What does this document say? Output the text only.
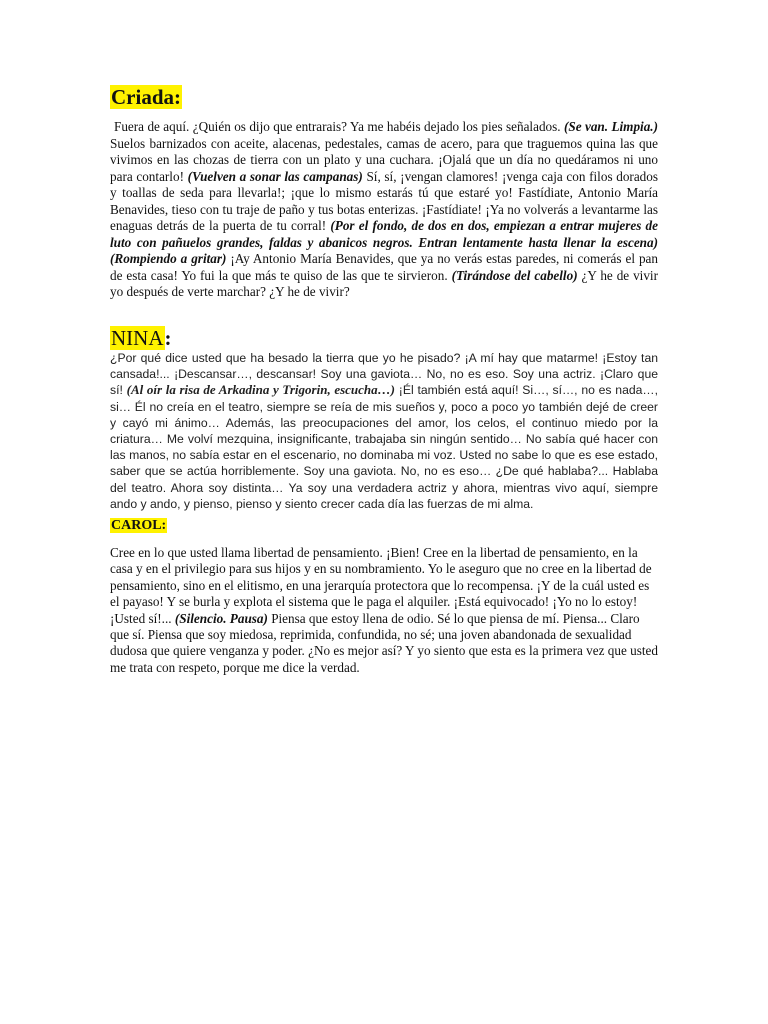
Criada:

Fuera de aquí. ¿Quién os dijo que entrarais? Ya me habéis dejado los pies señalados. (Se van. Limpia.) Suelos barnizados con aceite, alacenas, pedestales, camas de acero, para que traguemos quina las que vivimos en las chozas de tierra con un plato y una cuchara. ¡Ojalá que un día no quedáramos ni uno para contarlo! (Vuelven a sonar las campanas) Sí, sí, ¡vengan clamores! ¡venga caja con filos dorados y toallas de seda para llevarla!; ¡que lo mismo estarás tú que estaré yo! Fastídiate, Antonio María Benavides, tieso con tu traje de paño y tus botas enterizas. ¡Fastídiate! ¡Ya no volverás a levantarme las enaguas detrás de la puerta de tu corral! (Por el fondo, de dos en dos, empiezan a entrar mujeres de luto con pañuelos grandes, faldas y abanicos negros. Entran lentamente hasta llenar la escena) (Rompiendo a gritar) ¡Ay Antonio María Benavides, que ya no verás estas paredes, ni comerás el pan de esta casa! Yo fui la que más te quiso de las que te sirvieron. (Tirándose del cabello) ¿Y he de vivir yo después de verte marchar? ¿Y he de vivir?

NINA:

¿Por qué dice usted que ha besado la tierra que yo he pisado? ¡A mí hay que matarme! ¡Estoy tan cansada!... ¡Descansar…, descansar! Soy una gaviota… No, no es eso. Soy una actriz. ¡Claro que sí! (Al oír la risa de Arkadina y Trigorin, escucha…) ¡Él también está aquí! Si…, sí…, no es nada…, si… Él no creía en el teatro, siempre se reía de mis sueños y, poco a poco yo también dejé de creer y cayó mi ánimo… Además, las preocupaciones del amor, los celos, el continuo miedo por la criatura… Me volví mezquina, insignificante, trabajaba sin ningún sentido… No sabía qué hacer con las manos, no sabía estar en el escenario, no dominaba mi voz. Usted no sabe lo que es ese estado, saber que se actúa horriblemente. Soy una gaviota. No, no es eso… ¿De qué hablaba?... Hablaba del teatro. Ahora soy distinta… Ya soy una verdadera actriz y ahora, mientras vivo aquí, siempre ando y ando, y pienso, pienso y siento crecer cada día las fuerzas de mi alma.

CAROL:

Cree en lo que usted llama libertad de pensamiento. ¡Bien! Cree en la libertad de pensamiento, en la casa y en el privilegio para sus hijos y en su nombramiento. Yo le aseguro que no cree en la libertad de pensamiento, sino en el elitismo, en una jerarquía protectora que lo recompensa. ¡Y de la cuál usted es el payaso! Y se burla y explota el sistema que le paga el alquiler. ¡Está equivocado! ¡Yo no lo estoy! ¡Usted sí!... (Silencio. Pausa) Piensa que estoy llena de odio. Sé lo que piensa de mí. Piensa... Claro que sí. Piensa que soy miedosa, reprimida, confundida, no sé; una joven abandonada de sexualidad dudosa que quiere venganza y poder. ¿No es mejor así? Y yo siento que esta es la primera vez que usted me trata con respeto, porque me dice la verdad.
